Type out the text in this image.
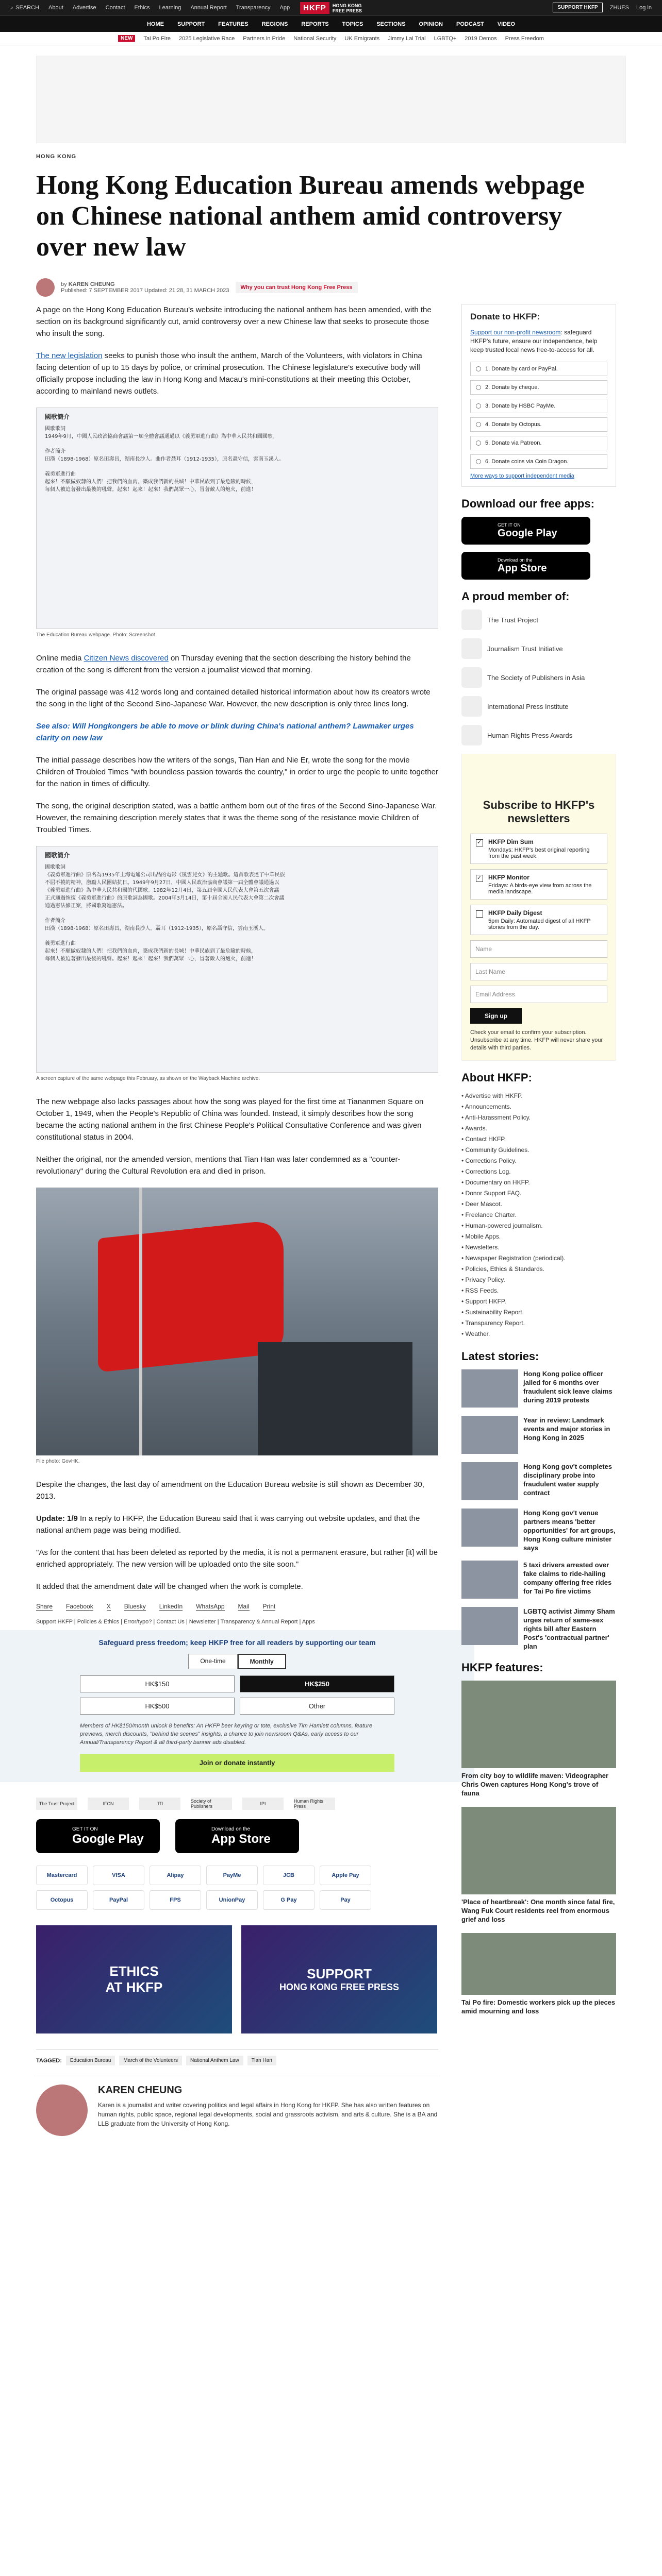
⌕ SEARCH About Advertise Contact Ethics Learning Annual Report Transparency App	HKFP	HONG KONG
FREE PRESS
SUPPORT HKFP	ZHUES Log in
HOME SUPPORT FEATURES REGIONS REPORTS TOPICS SECTIONS OPINION PODCAST VIDEO
NEW	Tai Po Fire 2025 Legislative Race Partners in Pride National Security UK Emigrants Jimmy Lai Trial LGBTQ+ 2019 Demos Press Freedom
HONG KONG
Hong Kong Education Bureau amends webpage on Chinese national anthem amid controversy over new law
by KAREN CHEUNG
Published: 7 SEPTEMBER 2017 Updated: 21:28, 31 MARCH 2023	Why you can trust Hong Kong Free Press

A page on the Hong Kong Education Bureau's website introducing the national anthem has been amended, with the section on its background significantly cut, amid controversy over a new Chinese law that seeks to prosecute those who insult the song.

The new legislation seeks to punish those who insult the anthem, March of the Volunteers, with violators in China facing detention of up to 15 days by police, or criminal prosecution. The Chinese legislature's executive body will officially propose including the law in Hong Kong and Macau's mini-constitutions at their meeting this October, according to mainland news outlets.

國歌簡介
國歌歌詞
1949年9月，中國人民政治協商會議第一屆全體會議通過以《義勇軍進行曲》為中華人民共和國國歌。
作者簡介
田漢（1898-1968）原名田壽昌，湖南長沙人。曲作者聶耳（1912-1935），原名聶守信，雲南玉溪人。
義勇軍進行曲
起來！不願做奴隸的人們！把我們的血肉，築成我們新的長城！中華民族到了最危險的時候，
每個人被迫著發出最後的吼聲。起來！起來！起來！我們萬眾一心，冒著敵人的炮火，前進！
The Education Bureau webpage. Photo: Screenshot.

Online media Citizen News discovered on Thursday evening that the section describing the history behind the creation of the song is different from the version a journalist viewed that morning.

The original passage was 412 words long and contained detailed historical information about how its creators wrote the song in the light of the Second Sino-Japanese War. However, the new description is only three lines long.

See also: Will Hongkongers be able to move or blink during China's national anthem? Lawmaker urges clarity on new law

The initial passage describes how the writers of the songs, Tian Han and Nie Er, wrote the song for the movie Children of Troubled Times "with boundless passion towards the country," in order to urge the people to unite together for the nation in times of difficulty.

The song, the original description stated, was a battle anthem born out of the fires of the Second Sino-Japanese War. However, the remaining description merely states that it was the theme song of the resistance movie Children of Troubled Times.

國歌簡介
國歌歌詞
《義勇軍進行曲》原名為1935年上海電通公司出品的電影《風雲兒女》的主題歌。這首歌表達了中華民族
不屈不撓的精神，激勵人民團結抗日。1949年9月27日，中國人民政治協商會議第一屆全體會議通過以
《義勇軍進行曲》為中華人民共和國的代國歌。1982年12月4日，第五屆全國人民代表大會第五次會議
正式通過恢復《義勇軍進行曲》的原歌詞為國歌。2004年3月14日，第十屆全國人民代表大會第二次會議
通過憲法修正案，將國歌寫進憲法。
作者簡介
田漢（1898-1968）原名田壽昌，湖南長沙人。聶耳（1912-1935），原名聶守信，雲南玉溪人。
義勇軍進行曲
起來！不願做奴隸的人們！把我們的血肉，築成我們新的長城！中華民族到了最危險的時候，
每個人被迫著發出最後的吼聲。起來！起來！起來！我們萬眾一心，冒著敵人的炮火，前進！
A screen capture of the same webpage this February, as shown on the Wayback Machine archive.

The new webpage also lacks passages about how the song was played for the first time at Tiananmen Square on October 1, 1949, when the People's Republic of China was founded. Instead, it simply describes how the song became the acting national anthem in the first Chinese People's Political Consultative Conference and was given constitutional status in 2004.

Neither the original, nor the amended version, mentions that Tian Han was later condemned as a "counter-revolutionary" during the Cultural Revolution era and died in prison.

File photo: GovHK.

Despite the changes, the last day of amendment on the Education Bureau website is still shown as December 30, 2013.

Update: 1/9 In a reply to HKFP, the Education Bureau said that it was carrying out website updates, and that the national anthem page was being modified.

"As for the content that has been deleted as reported by the media, it is not a permanent erasure, but rather [it] will be enriched appropriately. The new version will be uploaded onto the site soon."

It added that the amendment date will be changed when the work is complete.

Share Facebook X Bluesky LinkedIn WhatsApp Mail Print
Support HKFP | Policies & Ethics | Error/typo? | Contact Us | Newsletter | Transparency & Annual Report | Apps
Safeguard press freedom; keep HKFP free for all readers by supporting our team
One-time	Monthly
HK$150	HK$250
HK$500	Other
Members of HK$150/month unlock 8 benefits: An HKFP beer keyring or tote, exclusive Tim Hamlett columns, feature previews, merch discounts, "behind the scenes" insights, a chance to join newsroom Q&As, early access to our Annual/Transparency Report & all third-party banner ads disabled.
Join or donate instantly
The Trust Project	IFCN	JTI	Society of Publishers	IPI	Human Rights Press
GET IT ON
Google Play
Download on the
App Store
Mastercard	VISA	Alipay	PayMe	JCB	Apple Pay
Octopus	PayPal	FPS	UnionPay	G Pay	Pay
ETHICS
AT HKFP
SUPPORT
HONG KONG FREE PRESS
TAGGED:	Education Bureau	March of the Volunteers	National Anthem Law	Tian Han
KAREN CHEUNG

Karen is a journalist and writer covering politics and legal affairs in Hong Kong for HKFP. She has also written features on human rights, public space, regional legal developments, social and grassroots activism, and arts & culture. She is a BA and LLB graduate from the University of Hong Kong.

Donate to HKFP:

Support our non-profit newsroom: safeguard HKFP's future, ensure our independence, help keep trusted local news free-to-access for all.

1. Donate by card or PayPal.
2. Donate by cheque.
3. Donate by HSBC PayMe.
4. Donate by Octopus.
5. Donate via Patreon.
6. Donate coins via Coin Dragon.
More ways to support independent media
Download our free apps:
GET IT ON
Google Play
Download on the
App Store
A proud member of:
The Trust Project
Journalism Trust Initiative
The Society of Publishers in Asia
International Press Institute
Human Rights Press Awards
Subscribe to HKFP's newsletters
✓
HKFP Dim Sum
Mondays: HKFP's best original reporting from the past week.
✓
HKFP Monitor
Fridays: A birds-eye view from across the media landscape.
HKFP Daily Digest
5pm Daily: Automated digest of all HKFP stories from the day.
Name
Last Name
Email Address
Sign up
Check your email to confirm your subscription. Unsubscribe at any time. HKFP will never share your details with third parties.
About HKFP:
• Advertise with HKFP.
• Announcements.
• Anti-Harassment Policy.
• Awards.
• Contact HKFP.
• Community Guidelines.
• Corrections Policy.
• Corrections Log.
• Documentary on HKFP.
• Donor Support FAQ.
• Deer Mascot.
• Freelance Charter.
• Human-powered journalism.
• Mobile Apps.
• Newsletters.
• Newspaper Registration (periodical).
• Policies, Ethics & Standards.
• Privacy Policy.
• RSS Feeds.
• Support HKFP.
• Sustainability Report.
• Transparency Report.
• Weather.
Latest stories:
Hong Kong police officer jailed for 6 months over fraudulent sick leave claims during 2019 protests
Year in review: Landmark events and major stories in Hong Kong in 2025
Hong Kong gov't completes disciplinary probe into fraudulent water supply contract
Hong Kong gov't venue partners means 'better opportunities' for art groups, Hong Kong culture minister says
5 taxi drivers arrested over fake claims to ride-hailing company offering free rides for Tai Po fire victims
LGBTQ activist Jimmy Sham urges return of same-sex rights bill after Eastern Post's 'contractual partner' plan
HKFP features:
From city boy to wildlife maven: Videographer Chris Owen captures Hong Kong's trove of fauna
'Place of heartbreak': One month since fatal fire, Wang Fuk Court residents reel from enormous grief and loss
Tai Po fire: Domestic workers pick up the pieces amid mourning and loss
